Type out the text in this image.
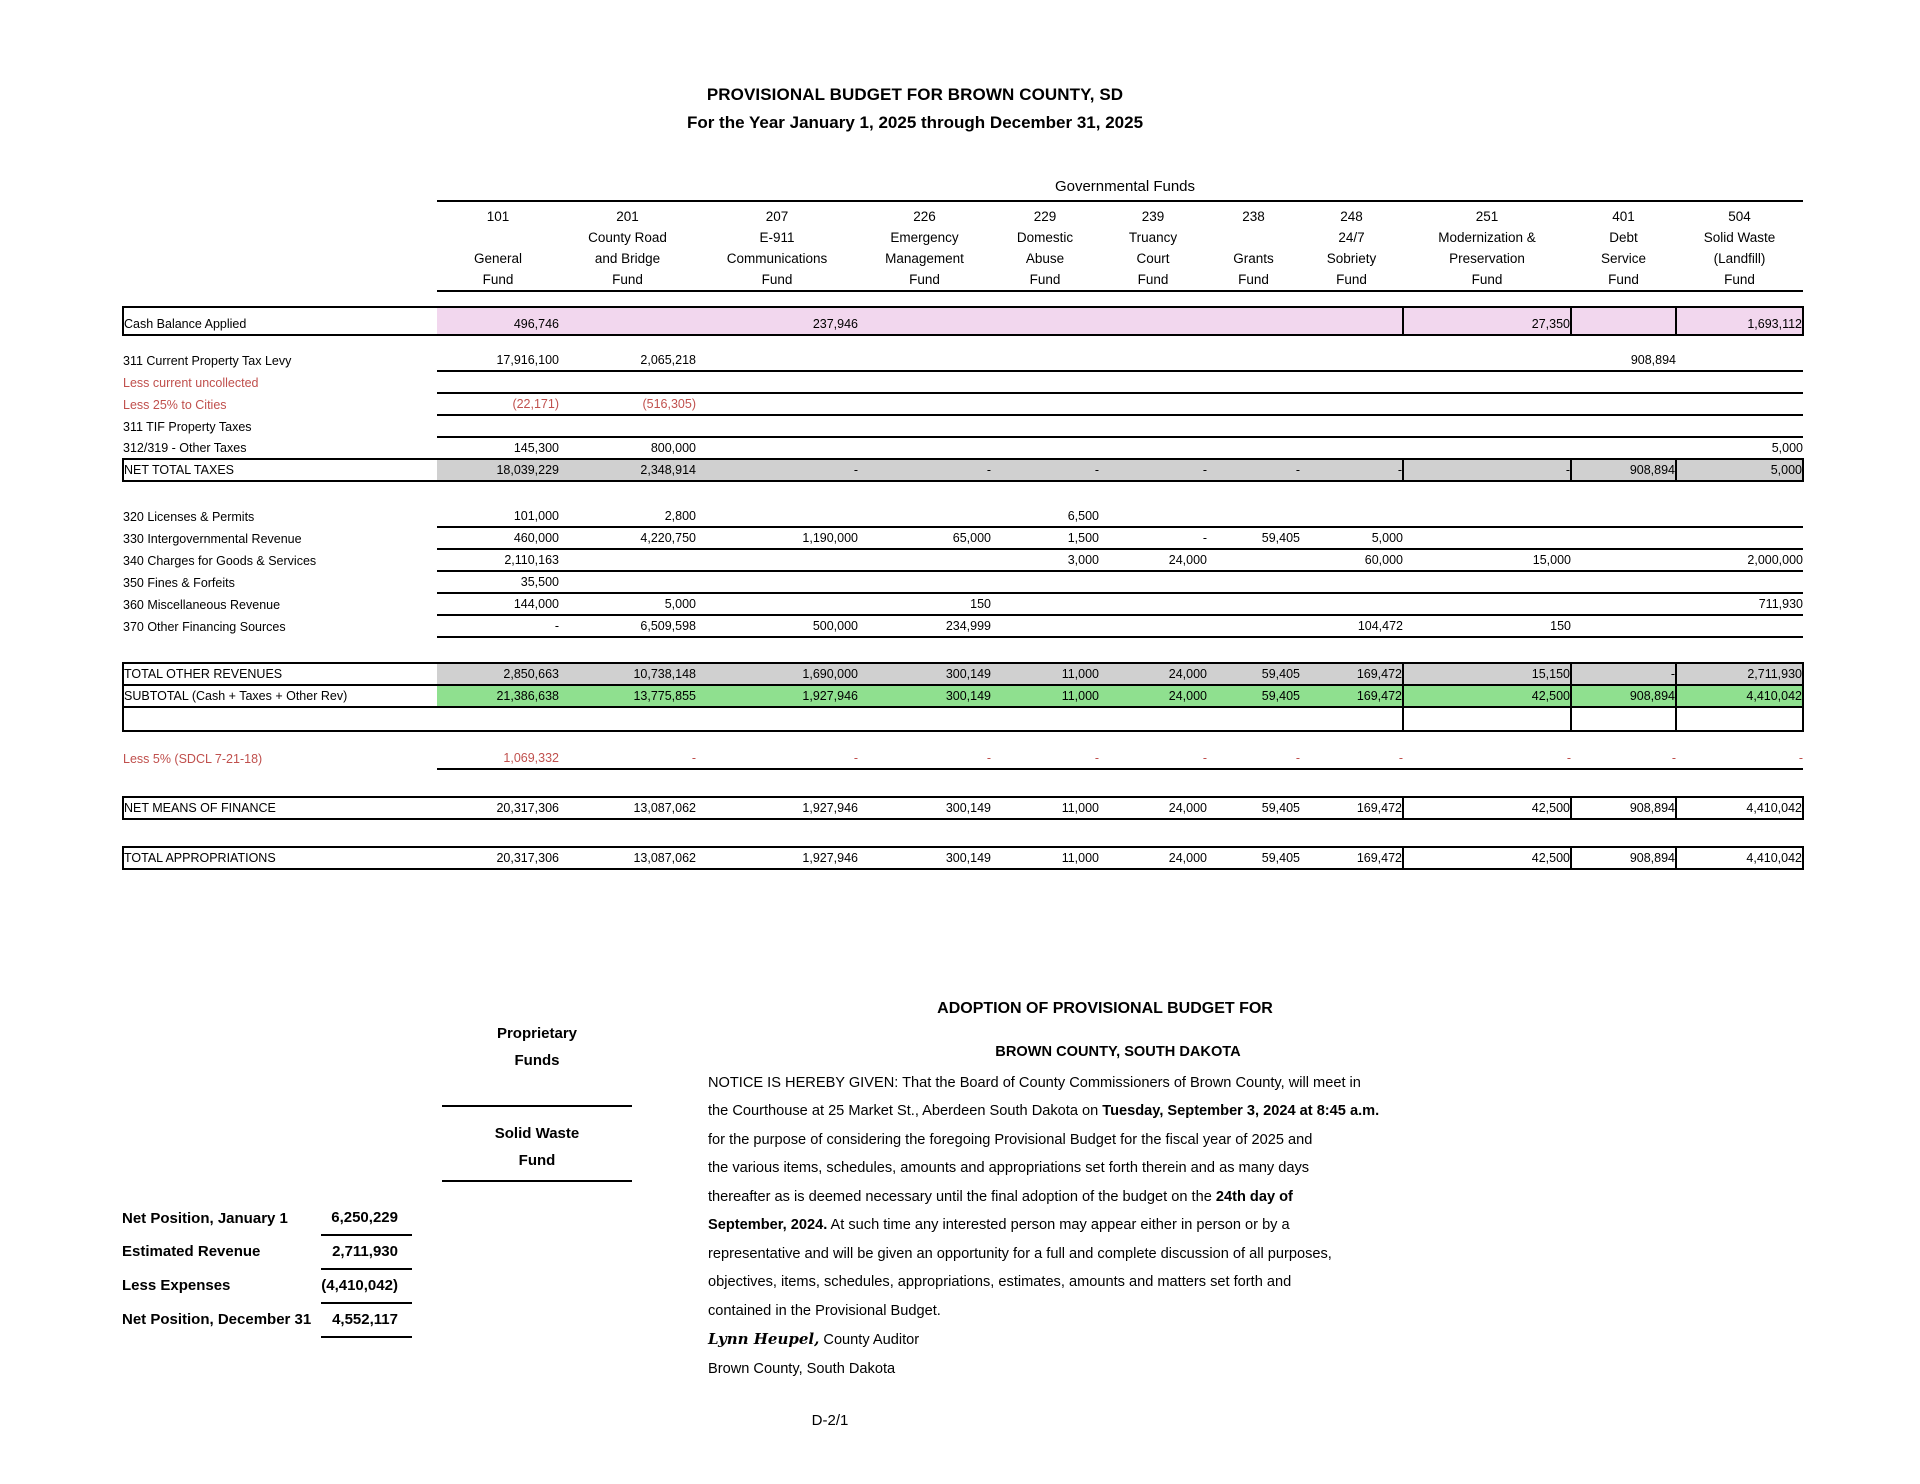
PROVISIONAL BUDGET FOR BROWN COUNTY, SD
For the Year January 1, 2025 through December 31, 2025
Governmental Funds
	101	201	207	226	229	239	238	248	251	401	504
		County Road	E-911	Emergency	Domestic	Truancy		24/7	Modernization &	Debt	Solid Waste
	General	and Bridge	Communications	Management	Abuse	Court	Grants	Sobriety	Preservation	Service	(Landfill)
	Fund	Fund	Fund	Fund	Fund	Fund	Fund	Fund	Fund	Fund	Fund

Cash Balance Applied	496,746		237,946						27,350		1,693,112

311 Current Property Tax Levy	17,916,100	2,065,218								908,894	
Less current uncollected											
Less 25% to Cities	(22,171)	(516,305)									
311 TIF Property Taxes											
312/319 - Other Taxes	145,300	800,000									5,000
NET TOTAL TAXES	18,039,229	2,348,914	-	-	-	-	-	-	-	908,894	5,000

320 Licenses & Permits	101,000	2,800			6,500						
330 Intergovernmental Revenue	460,000	4,220,750	1,190,000	65,000	1,500	-	59,405	5,000			
340 Charges for Goods & Services	2,110,163				3,000	24,000		60,000	15,000		2,000,000
350 Fines & Forfeits	35,500										
360 Miscellaneous Revenue	144,000	5,000		150							711,930
370 Other Financing Sources	-	6,509,598	500,000	234,999				104,472	150		

TOTAL OTHER REVENUES	2,850,663	10,738,148	1,690,000	300,149	11,000	24,000	59,405	169,472	15,150	-	2,711,930
SUBTOTAL (Cash + Taxes + Other Rev)	21,386,638	13,775,855	1,927,946	300,149	11,000	24,000	59,405	169,472	42,500	908,894	4,410,042

Less 5% (SDCL 7-21-18)	1,069,332	-	-	-	-	-	-	-	-	-	-

NET MEANS OF FINANCE	20,317,306	13,087,062	1,927,946	300,149	11,000	24,000	59,405	169,472	42,500	908,894	4,410,042

TOTAL APPROPRIATIONS	20,317,306	13,087,062	1,927,946	300,149	11,000	24,000	59,405	169,472	42,500	908,894	4,410,042
ADOPTION OF PROVISIONAL BUDGET FOR
Proprietary
Funds
Solid Waste
Fund
Net Position, January 1	6,250,229
Estimated Revenue	2,711,930
Less Expenses	(4,410,042)
Net Position, December 31	4,552,117
BROWN COUNTY, SOUTH DAKOTA

NOTICE IS HEREBY GIVEN: That the Board of County Commissioners of Brown County, will meet in

the Courthouse at 25 Market St., Aberdeen South Dakota on Tuesday, September 3, 2024 at 8:45 a.m.

for the purpose of considering the foregoing Provisional Budget for the fiscal year of 2025 and

the various items, schedules, amounts and appropriations set forth therein and as many days

thereafter as is deemed necessary until the final adoption of the budget on the 24th day of

September, 2024. At such time any interested person may appear either in person or by a

representative and will be given an opportunity for a full and complete discussion of all purposes,

objectives, items, schedules, appropriations, estimates, amounts and matters set forth and

contained in the Provisional Budget.

Lynn Heupel, County Auditor

Brown County, South Dakota

D-2/1
